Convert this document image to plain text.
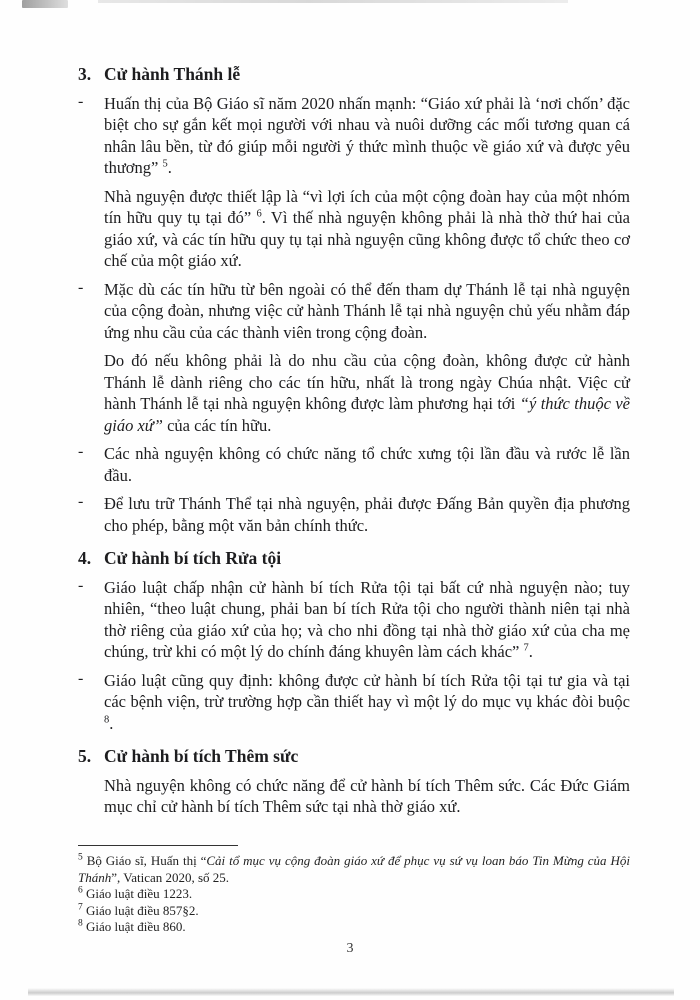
3. Cử hành Thánh lễ
-	Huấn thị của Bộ Giáo sĩ năm 2020 nhấn mạnh: “Giáo xứ phải là ‘nơi chốn’ đặc biệt cho sự gắn kết mọi người với nhau và nuôi dưỡng các mối tương quan cá nhân lâu bền, từ đó giúp mỗi người ý thức mình thuộc về giáo xứ và được yêu thương” $^5$.

Nhà nguyện được thiết lập là “vì lợi ích của một cộng đoàn hay của một nhóm tín hữu quy tụ tại đó” $^6$. Vì thế nhà nguyện không phải là nhà thờ thứ hai của giáo xứ, và các tín hữu quy tụ tại nhà nguyện cũng không được tổ chức theo cơ chế của một giáo xứ.

-	Mặc dù các tín hữu từ bên ngoài có thể đến tham dự Thánh lễ tại nhà nguyện của cộng đoàn, nhưng việc cử hành Thánh lễ tại nhà nguyện chủ yếu nhằm đáp ứng nhu cầu của các thành viên trong cộng đoàn.

Do đó nếu không phải là do nhu cầu của cộng đoàn, không được cử hành Thánh lễ dành riêng cho các tín hữu, nhất là trong ngày Chúa nhật. Việc cử hành Thánh lễ tại nhà nguyện không được làm phương hại tới “ý thức thuộc về giáo xứ” của các tín hữu.

-	Các nhà nguyện không có chức năng tổ chức xưng tội lần đầu và rước lễ lần đầu.

-	Để lưu trữ Thánh Thể tại nhà nguyện, phải được Đấng Bản quyền địa phương cho phép, bằng một văn bản chính thức.

4. Cử hành bí tích Rửa tội
-	Giáo luật chấp nhận cử hành bí tích Rửa tội tại bất cứ nhà nguyện nào; tuy nhiên, “theo luật chung, phải ban bí tích Rửa tội cho người thành niên tại nhà thờ riêng của giáo xứ của họ; và cho nhi đồng tại nhà thờ giáo xứ của cha mẹ chúng, trừ khi có một lý do chính đáng khuyên làm cách khác” $^7$.

-	Giáo luật cũng quy định: không được cử hành bí tích Rửa tội tại tư gia và tại các bệnh viện, trừ trường hợp cần thiết hay vì một lý do mục vụ khác đòi buộc $^8$.

5. Cử hành bí tích Thêm sức

Nhà nguyện không có chức năng để cử hành bí tích Thêm sức. Các Đức Giám mục chỉ cử hành bí tích Thêm sức tại nhà thờ giáo xứ.

$^5$ Bộ Giáo sĩ, Huấn thị “Cải tổ mục vụ cộng đoàn giáo xứ để phục vụ sứ vụ loan báo Tin Mừng của Hội Thánh”, Vatican 2020, số 25.
$^6$ Giáo luật điều 1223.
$^7$ Giáo luật điều 857§2.
$^8$ Giáo luật điều 860.
3
